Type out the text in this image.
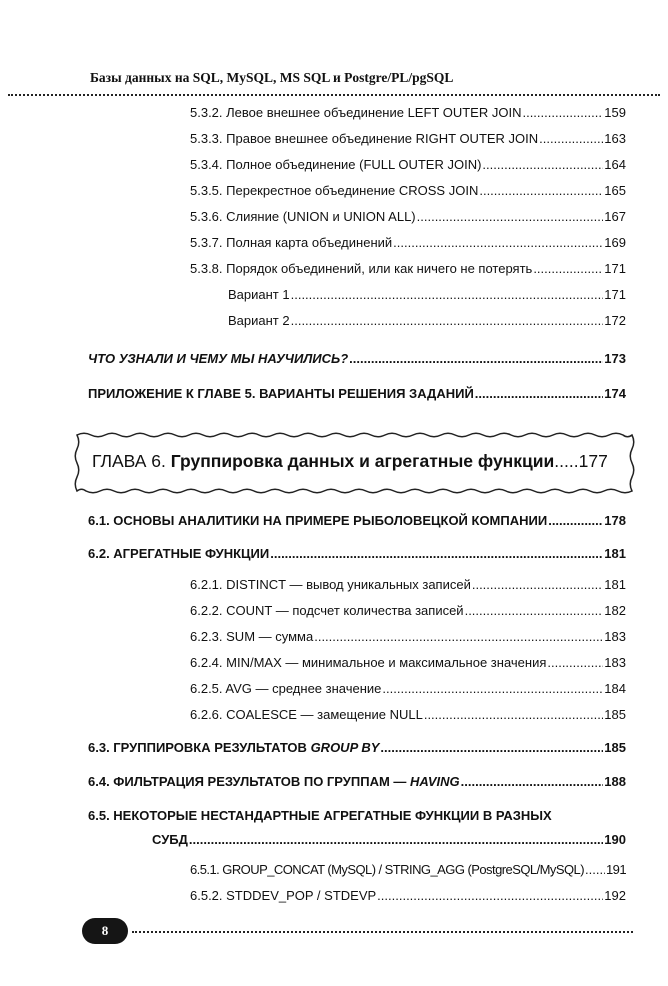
Базы данных на SQL, MySQL, MS SQL и Postgre/PL/pgSQL
5.3.2. Левое внешнее объединение LEFT OUTER JOIN .....	159
5.3.3. Правое внешнее объединение RIGHT OUTER JOIN .....	163
5.3.4. Полное объединение (FULL OUTER JOIN) .....	164
5.3.5. Перекрестное объединение CROSS JOIN .....	165
5.3.6. Слияние (UNION и UNION ALL) .....	167
5.3.7. Полная карта объединений .....	169
5.3.8. Порядок объединений, или как ничего не потерять .....	171
Вариант 1 .....	171
Вариант 2 .....	172
ЧТО УЗНАЛИ И ЧЕМУ МЫ НАУЧИЛИСЬ? .....	173
ПРИЛОЖЕНИЕ К ГЛАВЕ 5. ВАРИАНТЫ РЕШЕНИЯ ЗАДАНИЙ .....	174
ГЛАВА 6. Группировка данных и агрегатные функции.....177
6.1. ОСНОВЫ АНАЛИТИКИ НА ПРИМЕРЕ РЫБОЛОВЕЦКОЙ КОМПАНИИ .....	178
6.2. АГРЕГАТНЫЕ ФУНКЦИИ .....	181
6.2.1. DISTINCT — вывод уникальных записей .....	181
6.2.2. COUNT — подсчет количества записей .....	182
6.2.3. SUM — сумма .....	183
6.2.4. MIN/MAX — минимальное и максимальное значения .....	183
6.2.5. AVG — среднее значение .....	184
6.2.6. COALESCE — замещение NULL .....	185
6.3. ГРУППИРОВКА РЕЗУЛЬТАТОВ GROUP BY .....	185
6.4. ФИЛЬТРАЦИЯ РЕЗУЛЬТАТОВ ПО ГРУППАМ — HAVING .....	188
6.5. НЕКОТОРЫЕ НЕСТАНДАРТНЫЕ АГРЕГАТНЫЕ ФУНКЦИИ В РАЗНЫХ
СУБД .....	190
6.5.1. GROUP_CONCAT (MySQL) / STRING_AGG (PostgreSQL/MySQL) ..... 191
6.5.2. STDDEV_POP / STDEVP .....	192
8
